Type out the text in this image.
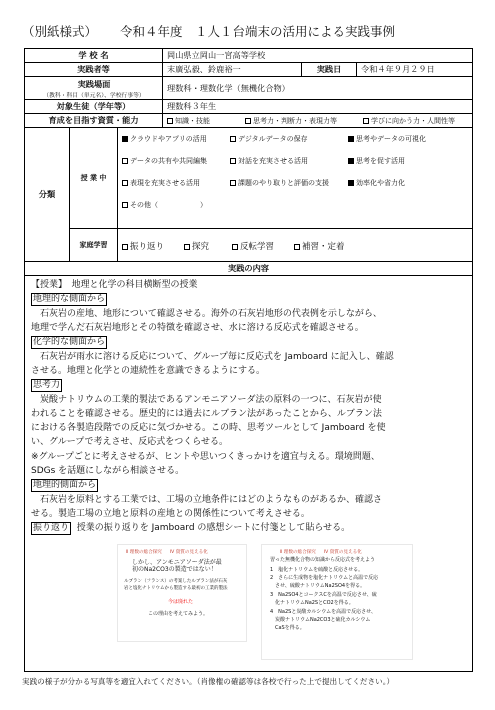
（別紙様式） 令和４年度　１人１台端末の活用による実践事例
学 校 名	岡山県立岡山一宮高等学校
実践者等	末廣弘毅、鈴鹿裕一	実践日	令和４年９月２９日
実践場面
（教科・科目（単元名）、学校行事等）
理数科・理数化学（無機化合物）
対象生徒（学年等）	理数科３年生
育成を目指す資質・能力	知識・技能	思考力・判断力・表現力等	学びに向かう力・人間性等
分類
授 業 中
クラウドやアプリの活用	デジタルデータの保存	思考やデータの可視化
データの共有や共同編集	対話を充実させる活用	思考を促す活用
表現を充実させる活用	課題のやり取りと評価の支援	効率化や省力化
その他（　　　　　　）
家庭学習	振り返り	探究	反転学習	補習・定着
実践の内容
【授業】　地理と化学の科目横断型の授業
地理的な側面から
　石灰岩の産地、地形について確認させる。海外の石灰岩地形の代表例を示しながら、
地理で学んだ石灰岩地形とその特徴を確認させ、水に溶ける反応式を確認させる。
化学的な側面から
　石灰岩が雨水に溶ける反応について、グループ毎に反応式を Jamboard に記入し、確認
させる。地理と化学との連続性を意識できるようにする。
思考力
　炭酸ナトリウムの工業的製法であるアンモニアソーダ法の原料の一つに、石灰岩が使
われることを確認させる。歴史的には過去にルブラン法があったことから、ルブラン法
における各製造段階での反応に気づかせる。この時、思考ツールとして Jamboard を使
い、グループで考えさせ、反応式をつくらせる。
※グループごとに考えさせるが、ヒントや思いつくきっかけを適宜与える。環境問題、
SDGs を話題にしながら相談させる。
地理的側面から
　石灰岩を原料とする工業では、工場の立地条件にはどのようなものがあるか、確認さ
せる。製造工場の立地と原料の産地との関係性について考えさせる。
振り返り 授業の振り返りを Jamboard の感想シートに付箋として貼らせる。
Ⅱ 理数の総合探究 Ⅳ 資質の見える化
しかし、アンモニアソーダ法が最
初のNa2CO3の製造ではない！
ルブラン（フランス）の考案したルブラン法が石灰
岩と塩化ナトリウムから製造する最初の工業的製法
今は廃れた
この理由を考えてみよう。
Ⅱ 理数の総合探究 Ⅳ 資質の見える化
習った無機化合物の知識から反応式を考えよう
1　塩化ナトリウムを硫酸と反応させる。
2　さらに生成物を塩化ナトリウムと高温で反応
　させ、硫酸ナトリウムNa2SO4を得る。
3　Na2SO4とコークスCを高温で反応させ、硫
　化ナトリウムNa2SとCO2を得る。
4　Na2Sと炭酸カルシウムを高温で反応させ、
　炭酸ナトリウムNa2CO3と硫化カルシウム
　CaSを得る。
実践の様子が分かる写真等を適宜入れてください。（肖像権の確認等は各校で行った上で提出してください。）
